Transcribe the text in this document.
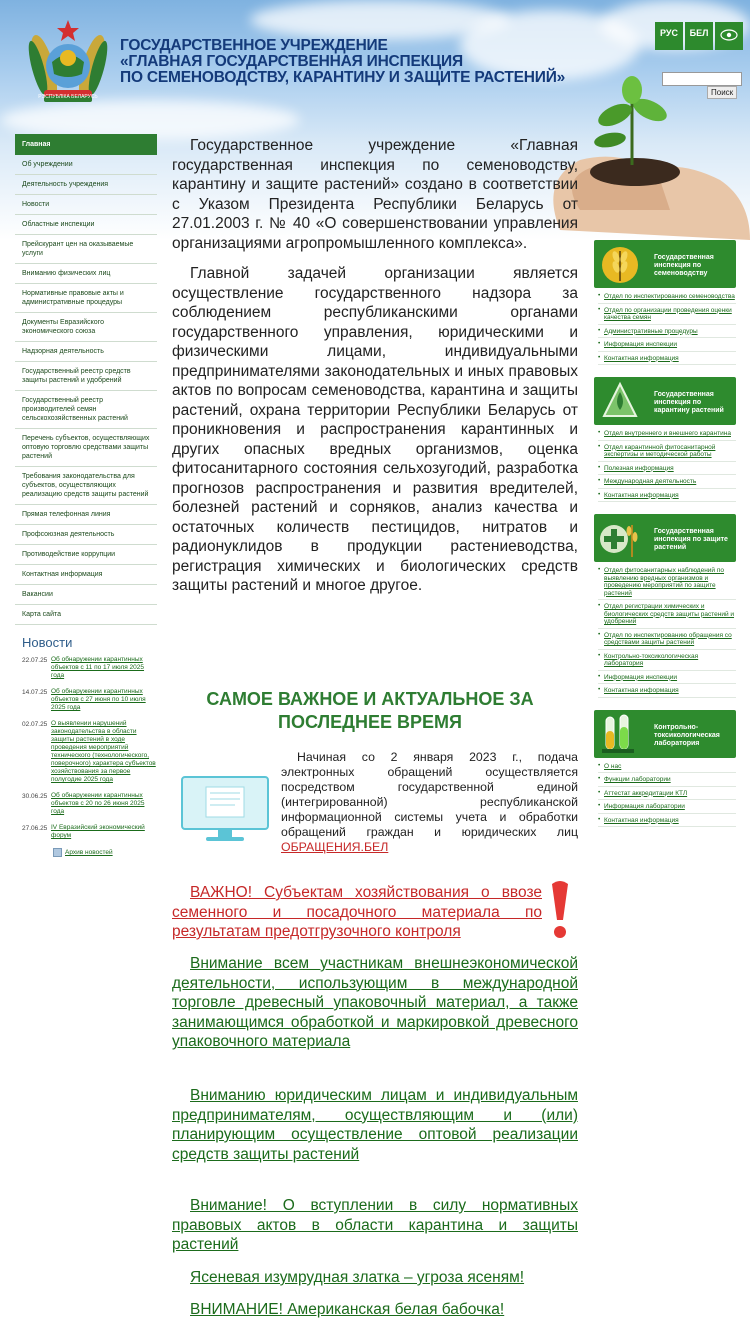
РЭСПУБЛІКА БЕЛАРУСЬ
ГОСУДАРСТВЕННОЕ УЧРЕЖДЕНИЕ
«ГЛАВНАЯ ГОСУДАРСТВЕННАЯ ИНСПЕКЦИЯ
ПО СЕМЕНОВОДСТВУ, КАРАНТИНУ И ЗАЩИТЕ РАСТЕНИЙ»
РУС	БЕЛ
Поиск
Главная
Об учреждении
Деятельность учреждения
Новости
Областные инспекции
Прейскурант цен на оказываемые услуги
Вниманию физических лиц
Нормативные правовые акты и административные процедуры
Документы Евразийского экономического союза
Надзорная деятельность
Государственный реестр средств защиты растений и удобрений
Государственный реестр производителей семян сельскохозяйственных растений
Перечень субъектов, осуществляющих оптовую торговлю средствами защиты растений
Требования законодательства для субъектов, осуществляющих реализацию средств защиты растений
Прямая телефонная линия
Профсоюзная деятельность
Противодействие коррупции
Контактная информация
Вакансии
Карта сайта
Новости
22.07.25 Об обнаружении карантинных объектов с 11 по 17 июля 2025 года
14.07.25 Об обнаружении карантинных объектов с 27 июня по 10 июля 2025 года
02.07.25 О выявлении нарушений законодательства в области защиты растений в ходе проведения мероприятий технического (технологического, поверочного) характера субъектов хозяйствования за первое полугодие 2025 года
30.06.25 Об обнаружении карантинных объектов с 20 по 26 июня 2025 года
27.06.25 IV Евразийский экономический форум
Архив новостей

Государственное учреждение «Главная государственная инспекция по семеноводству, карантину и защите растений» создано в соответствии с Указом Президента Республики Беларусь от 27.01.2003 г. № 40 «О совершенствовании управления организациями агропромышленного комплекса».

Главной задачей организации является осуществление государственного надзора за соблюдением республиканскими органами государственного управления, юридическими и физическими лицами, индивидуальными предпринимателями законодательных и иных правовых актов по вопросам семеноводства, карантина и защиты растений, охрана территории Республики Беларусь от проникновения и распространения карантинных и других опасных вредных организмов, оценка фитосанитарного состояния сельхозугодий, разработка прогнозов распространения и развития вредителей, болезней растений и сорняков, анализ качества и остаточных количеств пестицидов, нитратов и радионуклидов в продукции растениеводства, регистрация химических и биологических средств защиты растений и многое другое.

САМОЕ ВАЖНОЕ И АКТУАЛЬНОЕ ЗА ПОСЛЕДНЕЕ ВРЕМЯ
Начиная со 2 января 2023 г., подача электронных обращений осуществляется посредством государственной единой (интегрированной) республиканской информационной системы учета и обработки обращений граждан и юридических лиц ОБРАЩЕНИЯ.БЕЛ
ВАЖНО! Субъектам хозяйствования о ввозе семенного и посадочного материала по результатам предотгрузочного контроля
Внимание всем участникам внешнеэкономической деятельности, использующим в международной торговле древесный упаковочный материал, а также занимающимся обработкой и маркировкой древесного упаковочного материала
Вниманию юридическим лицам и индивидуальным предпринимателям, осуществляющим и (или) планирующим осуществление оптовой реализации средств защиты растений
Внимание! О вступлении в силу нормативных правовых актов в области карантина и защиты растений
Ясеневая изумрудная златка – угроза ясеням!
ВНИМАНИЕ! Американская белая бабочка!
Государственная инспекция по семеноводству
• Отдел по инспектированию семеноводства
• Отдел по организации проведения оценки качества семян
• Административные процедуры
• Информация инспекции
• Контактная информация
Государственная инспекция по карантину растений
• Отдел внутреннего и внешнего карантина
• Отдел карантинной фитосанитарной экспертизы и методической работы
• Полезная информация
• Международная деятельность
• Контактная информация
Государственная инспекция по защите растений
• Отдел фитосанитарных наблюдений по выявлению вредных организмов и проведению мероприятий по защите растений
• Отдел регистрации химических и биологических средств защиты растений и удобрений
• Отдел по инспектированию обращения со средствами защиты растений
• Контрольно-токсикологическая лаборатория
• Информация инспекции
• Контактная информация
Контрольно-токсикологическая лаборатория
• О нас
• Функции лаборатории
• Аттестат аккредитации КТЛ
• Информация лаборатории
• Контактная информация
